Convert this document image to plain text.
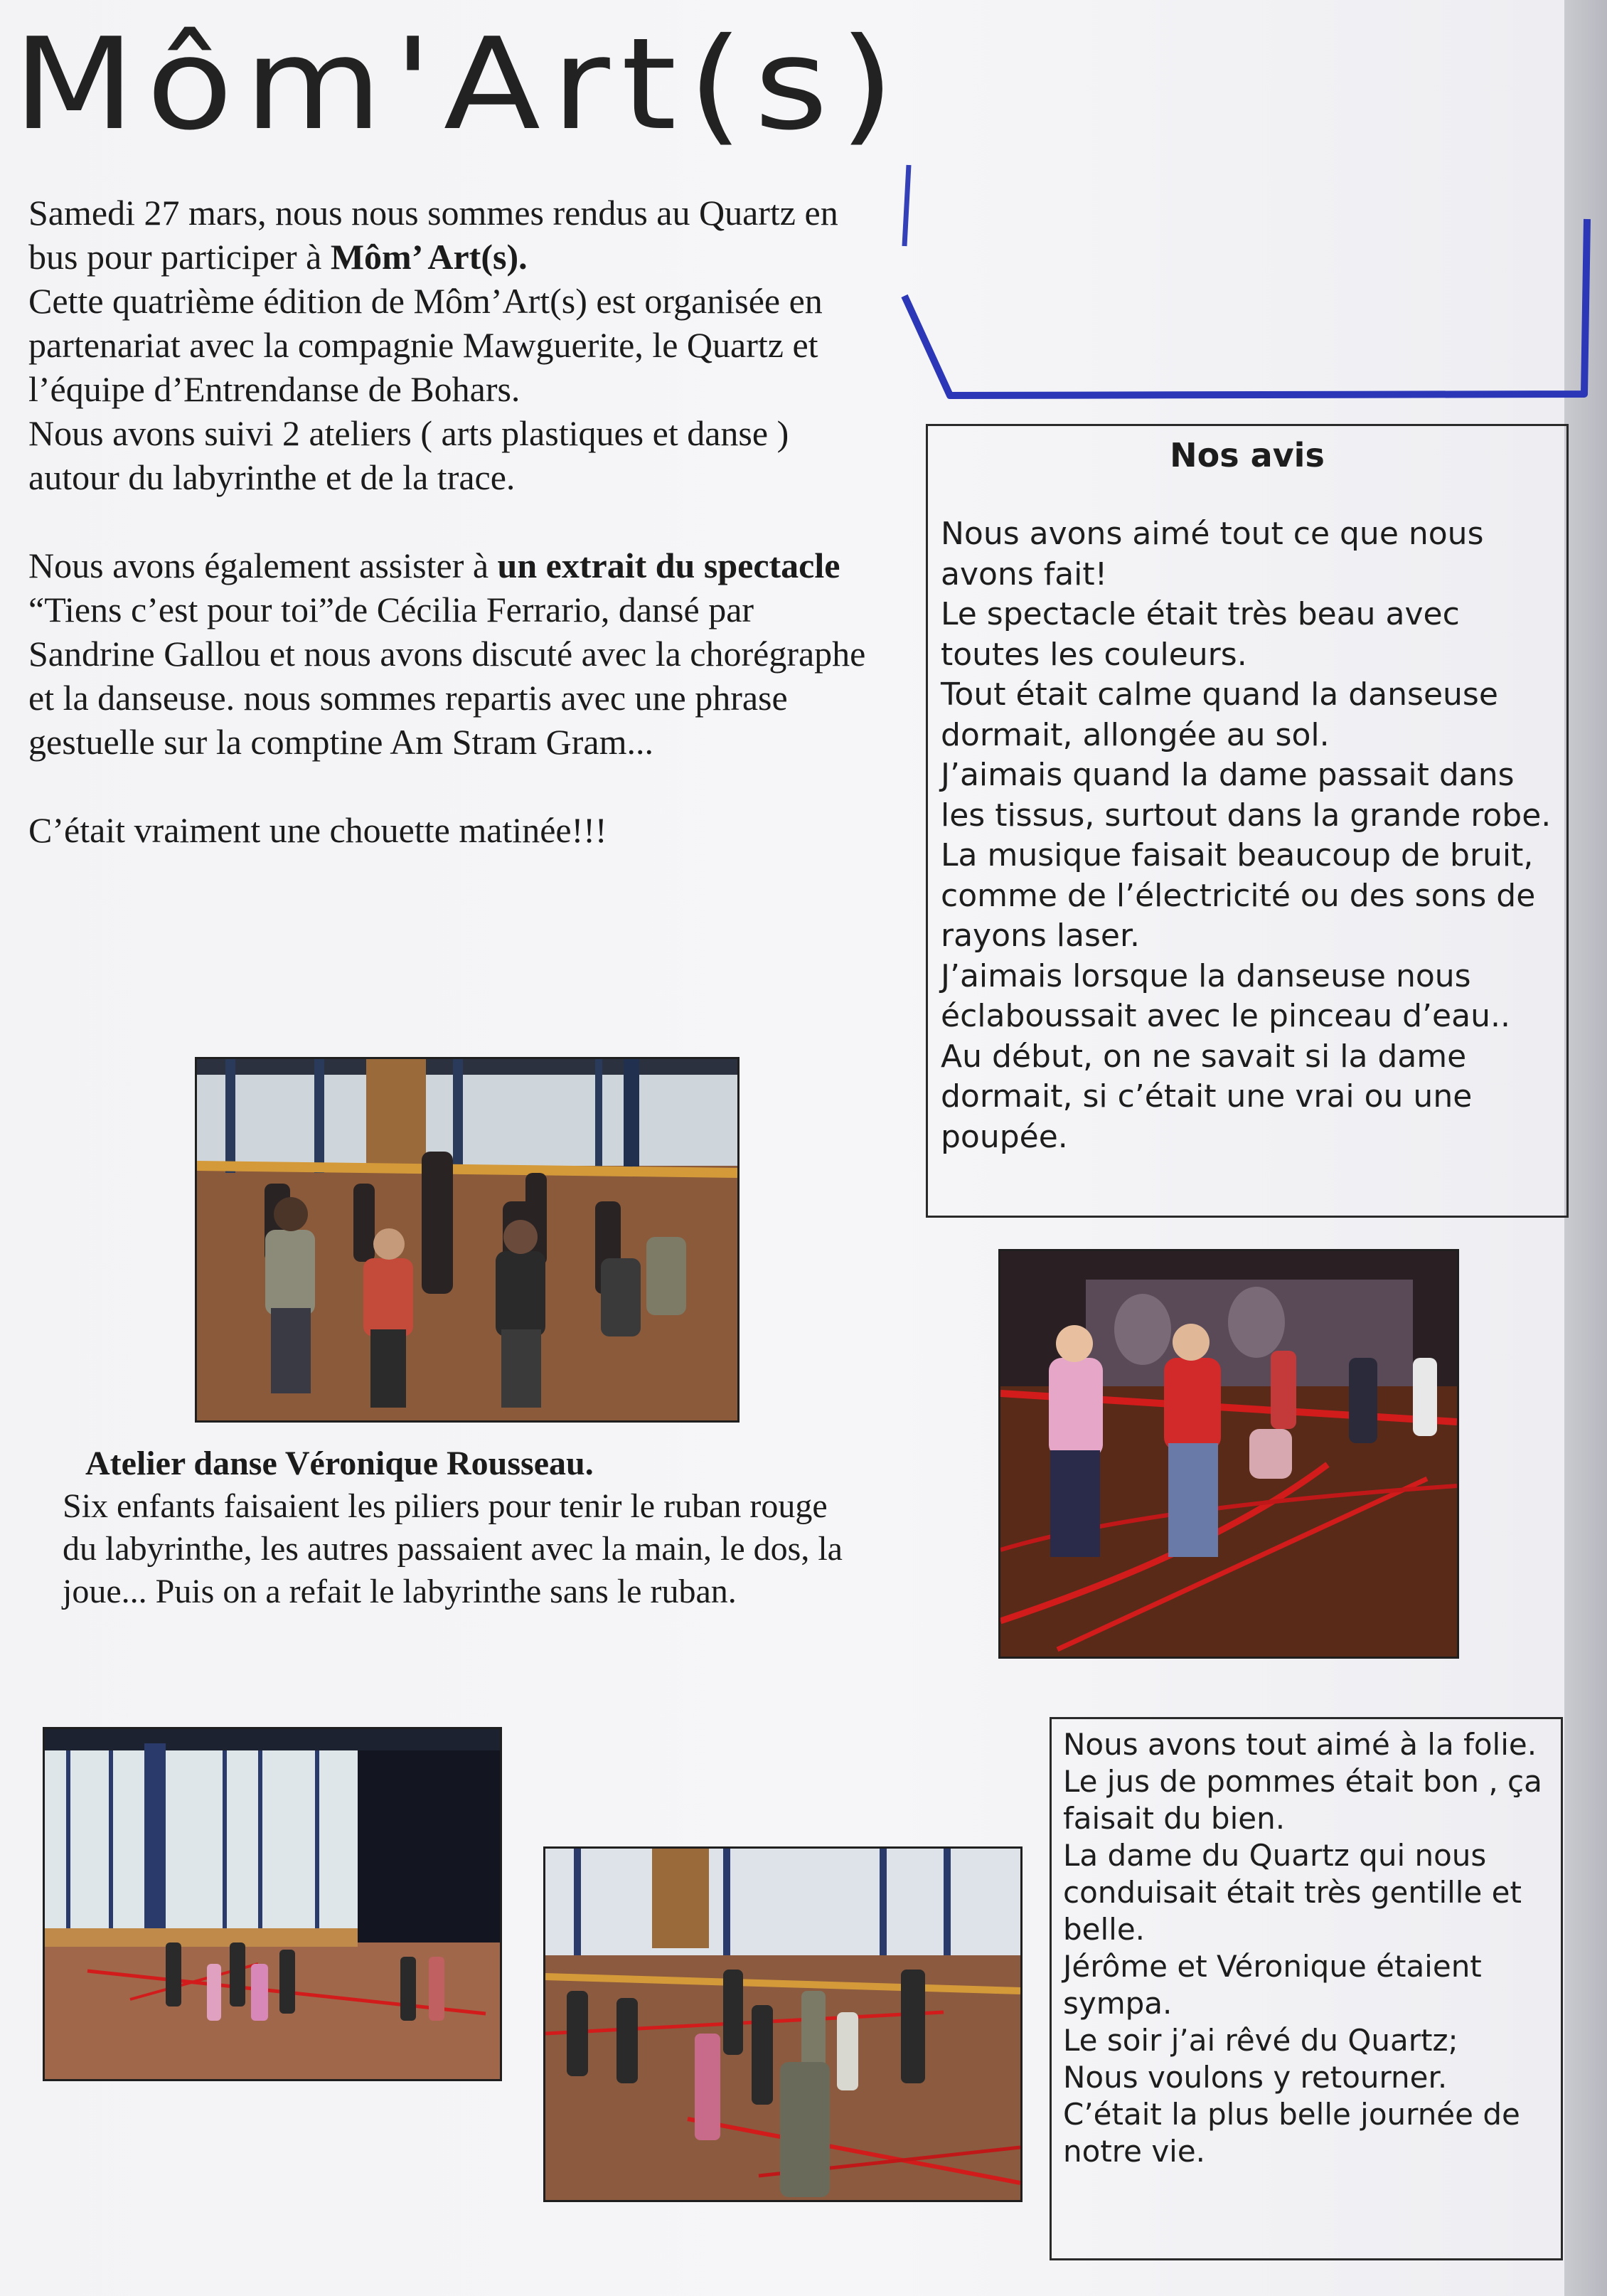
Môm'Art(s)

Samedi 27 mars, nous nous sommes rendus au Quartz en bus pour participer à Môm’ Art(s).

Cette quatrième édition de Môm’Art(s) est organisée en partenariat avec la compagnie Mawguerite, le Quartz et l’équipe d’Entrendanse de Bohars.

Nous avons suivi 2 ateliers ( arts plastiques et danse ) autour du labyrinthe et de la trace.

Nous avons également assister à un extrait du spectacle “Tiens c’est pour toi”de Cécilia Ferrario, dansé par Sandrine Gallou et nous avons discuté avec la chorégraphe et la danseuse. nous sommes repartis avec une phrase gestuelle sur la comptine Am Stram Gram...

C’était vraiment une chouette matinée!!!

Nos avis

Nous avons aimé tout ce que nous avons fait!

Le spectacle était très beau avec toutes les couleurs.

Tout était calme quand la danseuse dormait, allongée au sol.

J’aimais quand la dame passait dans les tissus, surtout dans la grande robe.

La musique faisait beaucoup de bruit, comme de l’électricité ou des sons de rayons laser.

J’aimais lorsque la danseuse nous éclaboussait avec le pinceau d’eau..

Au début, on ne savait si la dame dormait, si c’était une vrai ou une poupée.

Atelier danse Véronique Rousseau.

Six enfants faisaient les piliers pour tenir le ruban rouge du labyrinthe, les autres passaient avec la main, le dos, la joue... Puis on a refait le labyrinthe sans le ruban.

Nous avons tout aimé à la folie.

Le jus de pommes était bon , ça faisait du bien.

La dame du Quartz qui nous conduisait était très gentille et belle.

Jérôme et Véronique étaient sympa.

Le soir j’ai rêvé du Quartz;

Nous voulons y retourner.

C’était la plus belle journée de notre vie.
